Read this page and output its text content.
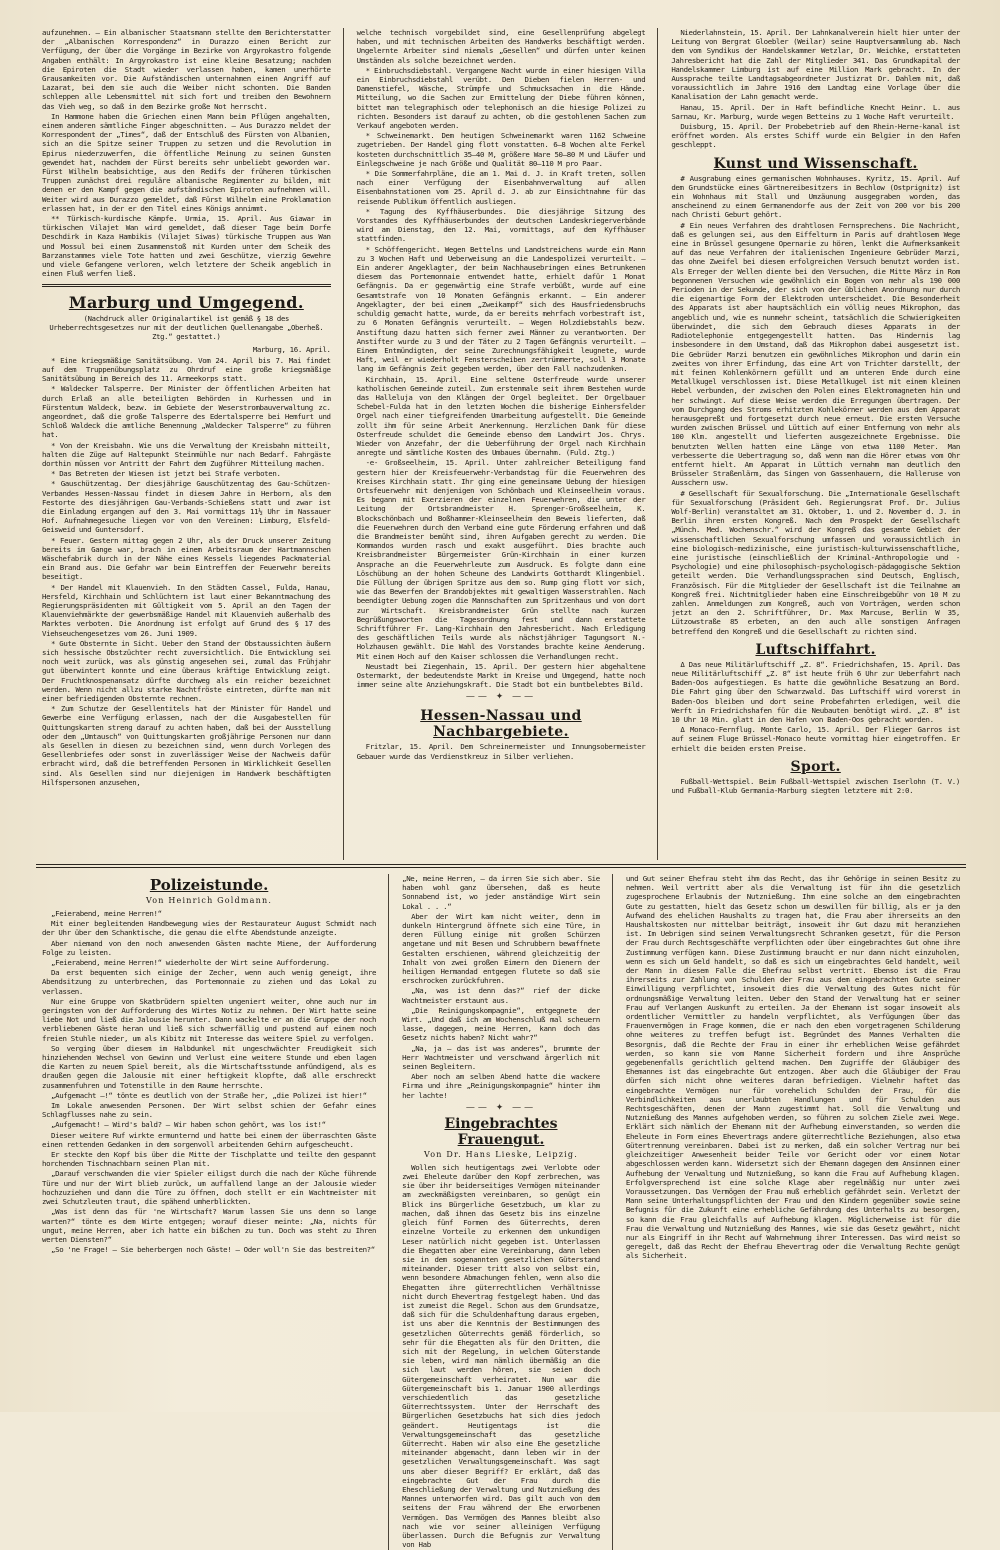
aufzunehmen. – Ein albanischer Staatsmann stellte dem Berichterstatter der „Albanischen Korrespondenz“ in Durazzo einen Bericht zur Verfügung, der über die Vorgänge im Bezirke von Argyrokastro folgende Angaben enthält: In Argyrokastro ist eine kleine Besatzung; nachdem die Epiroten die Stadt wieder verlassen haben, kamen unerhörte Grausamkeiten vor. Die Aufständischen unternahmen einen Angriff auf Lazarat, bei dem sie auch die Weiber nicht schonten. Die Banden schleppen alle Lebensmittel mit sich fort und treiben den Bewohnern das Vieh weg, so daß in dem Bezirke große Not herrscht.

In Hammone haben die Griechen einen Mann beim Pflügen angehalten, einem anderen sämtliche Finger abgeschnitten. – Aus Durazzo meldet der Korrespondent der „Times“, daß der Entschluß des Fürsten von Albanien, sich an die Spitze seiner Truppen zu setzen und die Revolution im Epirus niederzuwerfen, die öffentliche Meinung zu seinen Gunsten gewendet hat, nachdem der Fürst bereits sehr unbeliebt geworden war. Fürst Wilhelm beabsichtige, aus den Redifs der früheren türkischen Truppen zunächst drei reguläre albanische Regimenter zu bilden, mit denen er den Kampf gegen die aufständischen Epiroten aufnehmen will. Weiter wird aus Durazzo gemeldet, daß Fürst Wilhelm eine Proklamation erlassen hat, in der er den Titel eines Königs annimmt.

** Türkisch-kurdische Kämpfe. Urmia, 15. April. Aus Giawar im türkischen Vilajet Wan wird gemeldet, daß dieser Tage beim Dorfe Deschdirk in Kaza Hambikis (Vilajet Siwas) türkische Truppen aus Wan und Mossul bei einem Zusammenstoß mit Kurden unter dem Scheik des Barzanstammes viele Tote hatten und zwei Geschütze, vierzig Gewehre und viele Gefangene verloren, welch letztere der Scheik angeblich in einen Fluß werfen ließ.

Marburg und Umgegend.
(Nachdruck aller Originalartikel ist gemäß § 18 des Urheberrechtsgesetzes nur mit der deutlichen Quellenangabe „Oberheß. Ztg.“ gestattet.)

Marburg, 16. April.

* Eine kriegsmäßige Sanitätsübung. Vom 24. April bis 7. Mai findet auf dem Truppenübungsplatz zu Ohrdruf eine große kriegsmäßige Sanitätsübung im Bereich des 11. Armeekorps statt.

* Waldecker Talsperre. Der Minister der öffentlichen Arbeiten hat durch Erlaß an alle beteiligten Behörden in Kurhessen und im Fürstentum Waldeck, bezw. im Gebiete der Weserstrombauverwaltung zc. angeordnet, daß die große Talsperre des Edertalsperre bei Hemfurt und Schloß Waldeck die amtliche Benennung „Waldecker Talsperre“ zu führen hat.

* Von der Kreisbahn. Wie uns die Verwaltung der Kreisbahn mitteilt, halten die Züge auf Haltepunkt Steinmühle nur nach Bedarf. Fahrgäste dorthin müssen vor Antritt der Fahrt dem Zugführer Mitteilung machen.

* Das Betreten der Wiesen ist jetzt bei Strafe verboten.

* Gauschützentag. Der diesjährige Gauschützentag des Gau-Schützen-Verbandes Hessen-Nassau findet in diesem Jahre in Herborn, als dem Festorte des diesjährigen Gau-Verbands-Schießens statt und zwar ist die Einladung ergangen auf den 3. Mai vormittags 11½ Uhr im Nassauer Hof. Aufnahmegesuche liegen vor von den Vereinen: Limburg, Elsfeld-Geisweid und Guntersdorf.

* Feuer. Gestern mittag gegen 2 Uhr, als der Druck unserer Zeitung bereits im Gange war, brach in einem Arbeitsraum der Hartmannschen Wäschefabrik durch in der Nähe eines Kessels liegendes Packmaterial ein Brand aus. Die Gefahr war beim Eintreffen der Feuerwehr bereits beseitigt.

* Der Handel mit Klauenvieh. In den Städten Cassel, Fulda, Hanau, Hersfeld, Kirchhain und Schlüchtern ist laut einer Bekanntmachung des Regierungspräsidenten mit Gültigkeit vom 5. April an den Tagen der Klauenviehmärkte der gewerbsmäßige Handel mit Klauenvieh außerhalb des Marktes verboten. Die Anordnung ist erfolgt auf Grund des § 17 des Viehseuchengesetzes vom 26. Juni 1909.

* Gute Obsternte in Sicht. Ueber den Stand der Obstaussichten äußern sich hessische Obstzüchter recht zuversichtlich. Die Entwicklung sei noch weit zurück, was als günstig angesehen sei, zumal das Frühjahr gut überwintert konnte und eine überaus kräftige Entwicklung zeigt. Der Fruchtknospenansatz dürfte durchweg als ein reicher bezeichnet werden. Wenn nicht allzu starke Nachtfröste eintreten, dürfte man mit einer befriedigenden Obsternte rechnen.

* Zum Schutze der Gesellentitels hat der Minister für Handel und Gewerbe eine Verfügung erlassen, nach der die Ausgabestellen für Quittungskarten streng darauf zu achten haben, daß bei der Ausstellung oder dem „Umtausch“ von Quittungskarten großjährige Personen nur dann als Gesellen in diesen zu bezeichnen sind, wenn durch Vorlegen des Gesellenbriefes oder sonst in zuverlässiger Weise der Nachweis dafür erbracht wird, daß die betreffenden Personen in Wirklichkeit Gesellen sind. Als Gesellen sind nur diejenigen im Handwerk beschäftigten Hilfspersonen anzusehen,

welche technisch vorgebildet sind, eine Gesellenprüfung abgelegt haben, und mit technischen Arbeiten des Handwerks beschäftigt werden. Ungelernte Arbeiter sind niemals „Gesellen“ und dürfen unter keinen Umständen als solche bezeichnet werden.

* Einbruchsdiebstahl. Vergangene Nacht wurde in einer hiesigen Villa ein Einbruchsdiebstahl verübt. Den Dieben fielen Herren- und Damenstiefel, Wäsche, Strümpfe und Schmucksachen in die Hände. Mitteilung, wo die Sachen zur Ermittelung der Diebe führen können, bittet man telegraphisch oder telephonisch an die hiesige Polizei zu richten. Besonders ist darauf zu achten, ob die gestohlenen Sachen zum Verkauf angeboten werden.

* Schweinemarkt. Dem heutigen Schweinemarkt waren 1162 Schweine zugetrieben. Der Handel ging flott vonstatten. 6–8 Wochen alte Ferkel kosteten durchschnittlich 35–40 M, größere Ware 50–80 M und Läufer und Einlegschweine je nach Größe und Qualität 80–110 M pro Paar.

* Die Sommerfahrpläne, die am 1. Mai d. J. in Kraft treten, sollen nach einer Verfügung der Eisenbahnverwaltung auf allen Eisenbahnstationen vom 25. April d. J. ab zur Einsichtnahme für das reisende Publikum öffentlich ausliegen.

* Tagung des Kyffhäuserbundes. Die diesjährige Sitzung des Vorstandes des Kyffhäuserbundes der deutschen Landeskriegerverbände wird am Dienstag, den 12. Mai, vormittags, auf dem Kyffhäuser stattfinden.

* Schöffengericht. Wegen Bettelns und Landstreichens wurde ein Mann zu 3 Wochen Haft und Ueberweisung an die Landespolizei verurteilt. – Ein anderer Angeklagter, der beim Nachhausebringen eines Betrunkenen diesem das Portemonnaie entwendet hatte, erhielt dafür 1 Monat Gefängnis. Da er gegenwärtig eine Strafe verbüßt, wurde auf eine Gesamtstrafe von 10 Monaten Gefängnis erkannt. – Ein anderer Angeklagter, der bei einem „Zweikampf“ sich des Hausfriedensbruchs schuldig gemacht hatte, wurde, da er bereits mehrfach vorbestraft ist, zu 6 Monaten Gefängnis verurteilt. – Wegen Holzdiebstahls bezw. Anstiftung dazu hatten sich ferner zwei Männer zu verantworten. Der Anstifter wurde zu 3 und der Täter zu 2 Tagen Gefängnis verurteilt. – Einem Entmündigten, der seine Zurechnungsfähigkeit leugnete, wurde Haft, weil er wiederholt Fensterscheiben zertrümmerte, soll 3 Monate lang im Gefängnis Zeit gegeben werden, über den Fall nachzudenken.

Kirchhain, 15. April. Eine seltene Osterfreude wurde unserer katholischen Gemeinde zuteil. Zum erstenmale seit ihrem Bestehen wurde das Halleluja von den Klängen der Orgel begleitet. Der Orgelbauer Schebel-Fulda hat in den letzten Wochen die bisherige Einhersfelder Orgel nach einer tiefgreifenden Umarbeitung aufgestellt. Die Gemeinde zollt ihm für seine Arbeit Anerkennung. Herzlichen Dank für diese Osterfreude schuldet die Gemeinde ebenso dem Landwirt Jos. Chrys. Wieder von Anzefahr, der die Ueberführung der Orgel nach Kirchhain anregte und sämtliche Kosten des Umbaues übernahm. (Fuld. Ztg.)

-e- Großseelheim, 15. April. Unter zahlreicher Beteiligung fand gestern hier der Kreisfeuerwehr-Verbandstag für die Feuerwehren des Kreises Kirchhain statt. Ihr ging eine gemeinsame Uebung der hiesigen Ortsfeuerwehr mit denjenigen von Schönbach und Kleinseelheim voraus. Es begann mit Exerzieren der einzelnen Feuerwehren, die unter der Leitung der Ortsbrandmeister H. Sprenger-Großseelheim, K. Blockschönbach und Boßhammer-Kleinseelheim den Beweis lieferten, daß die Feuerwehren durch den Verband eine gute Förderung erfahren und daß die Brandmeister bemüht sind, ihren Aufgaben gerecht zu werden. Die Kommandos wurden rasch und exakt ausgeführt. Dies brachte auch Kreisbrandmeister Bürgermeister Grün-Kirchhain in einer kurzen Ansprache an die Feuerwehrleute zum Ausdruck. Es folgte dann eine Löschübung an der hohen Scheune des Landwirts Gotthardt Klingenbiel. Die Füllung der übrigen Spritze aus dem so. Rump ging flott vor sich, wie das Bewerfen der Brandobjektes mit gewaltigen Wasserstrahlen. Nach beendigter Uebung zogen die Mannschaften zum Spritzenhaus und von dort zur Wirtschaft. Kreisbrandmeister Grün stellte nach kurzen Begrüßungsworten die Tagesordnung fest und dann erstattete Schriftführer Fr. Lang-Kirchhain den Jahresbericht. Nach Erledigung des geschäftlichen Teils wurde als nächstjähriger Tagungsort N.-Holzhausen gewählt. Die Wahl des Vorstandes brachte keine Aenderung. Mit einem Hoch auf den Kaiser schlossen die Verhandlungen recht.

Neustadt bei Ziegenhain, 15. April. Der gestern hier abgehaltene Ostermarkt, der bedeutendste Markt im Kreise und Umgegend, hatte noch immer seine alte Anziehungskraft. Die Stadt bot ein buntbelebtes Bild.

—— ✦ ——
Hessen-Nassau und Nachbargebiete.

Fritzlar, 15. April. Dem Schreinermeister und Innungsobermeister Gebauer wurde das Verdienstkreuz in Silber verliehen.

Niederlahnstein, 15. April. Der Lahnkanalverein hielt hier unter der Leitung von Bergrat Gloebler (Weilar) seine Hauptversammlung ab. Nach dem vom Syndikus der Handelskammer Wetzlar, Dr. Weichke, erstatteten Jahresbericht hat die Zahl der Mitglieder 341. Das Grundkapital der Handelskammer Limburg ist auf eine Million Mark gebracht. In der Aussprache teilte Landtagsabgeordneter Justizrat Dr. Dahlem mit, daß voraussichtlich im Jahre 1916 dem Landtag eine Vorlage über die Kanalisation der Lahn gemacht werde.

Hanau, 15. April. Der in Haft befindliche Knecht Heinr. L. aus Sarnau, Kr. Marburg, wurde wegen Betteins zu 1 Woche Haft verurteilt.

Duisburg, 15. April. Der Probebetrieb auf dem Rhein-Herne-kanal ist eröffnet worden. Als erstes Schiff wurde ein Belgier in den Hafen geschleppt.

Kunst und Wissenschaft.

# Ausgrabung eines germanischen Wohnhauses. Kyritz, 15. April. Auf dem Grundstücke eines Gärtnereibesitzers in Bechlow (Ostprignitz) ist ein Wohnhaus mit Stall und Umzäunung ausgegraben worden, das anscheinend zu einem Germanendorfe aus der Zeit von 200 vor bis 200 nach Christi Geburt gehört.

# Ein neues Verfahren des drahtlosen Fernsprechens. Die Nachricht, daß es gelungen sei, aus dem Eiffelturm in Paris auf drahtlosem Wege eine in Brüssel gesungene Opernarie zu hören, lenkt die Aufmerksamkeit auf das neue Verfahren der italienischen Ingenieure Gebrüder Marzi, das ohne Zweifel bei diesem erfolgreichen Versuch benutzt worden ist. Als Erreger der Wellen diente bei den Versuchen, die Mitte März in Rom begonnenen Versuchen wie gewöhnlich ein Bogen von mehr als 190 000 Perioden in der Sekunde, der sich von der üblichen Anordnung nur durch die eigenartige Form der Elektroden unterscheidet. Die Besonderheit des Apparats ist aber hauptsächlich ein völlig neues Mikrophon, das angeblich und, wie es nunmehr scheint, tatsächlich die Schwierigkeiten überwindet, die sich dem Gebrauch dieses Apparats in der Radiotelephonie entgegengestellt hatten. Das Hindernis lag insbesondere in dem Umstand, daß das Mikrophon dabei ausgesetzt ist. Die Gebrüder Marzi benutzen ein gewöhnliches Mikrophon und darin ein zweites von ihrer Erfindung, das eine Art von Trichter darstellt, der mit feinen Kohlenkörnern gefüllt und am unteren Ende durch eine Metallkugel verschlossen ist. Diese Metallkugel ist mit einem kleinen Hebel verbunden, der zwischen den Polen eines Elektromagneten hin und her schwingt. Auf diese Weise werden die Erregungen übertragen. Der vom Durchgang des Stroms erhitzten Kohlekörner werden aus dem Apparat herausgepreßt und fortgesetzt durch neue erneut. Die ersten Versuche wurden zwischen Brüssel und Lüttich auf einer Entfernung von mehr als 100 Klm. angestellt und lieferten ausgezeichnete Ergebnisse. Die benutzten Wellen hatten eine Länge von etwa 1100 Meter. Man verbesserte die Uebertragung so, daß wenn man die Hörer etwas vom Ohr entfernt hielt. Am Apparat in Lüttich vernahm man deutlich den Brüsseler Straßenlärm, das Singen von Gassenhauern, die Halleruse von Ausschern usw.

# Gesellschaft für Sexualforschung. Die „Internationale Gesellschaft für Sexualforschung (Präsident Geh. Regierungsrat Prof. Dr. Julius Wolf-Berlin) veranstaltet am 31. Oktober, 1. und 2. November d. J. in Berlin ihren ersten Kongreß. Nach dem Prospekt der Gesellschaft „Münch. Med. Wochenschr.“ wird der Kongreß das gesamte Gebiet der wissenschaftlichen Sexualforschung umfassen und voraussichtlich in eine biologisch-medizinische, eine juristisch-kulturwissenschaftliche, eine juristische (einschließlich der Kriminal-Anthropologie und -Psychologie) und eine philosophisch-psychologisch-pädagogische Sektion geteilt werden. Die Verhandlungssprachen sind Deutsch, Englisch, Französisch. Für die Mitglieder der Gesellschaft ist die Teilnahme am Kongreß frei. Nichtmitglieder haben eine Einschreibgebühr von 10 M zu zahlen. Anmeldungen zum Kongreß, auch von Vorträgen, werden schon jetzt an den 2. Schriftführer, Dr. Max Marcuse, Berlin W 35, Lützowstraße 85 erbeten, an den auch alle sonstigen Anfragen betreffend den Kongreß und die Gesellschaft zu richten sind.

Luftschiffahrt.

Δ Das neue Militärluftschiff „Z. 8“. Friedrichshafen, 15. April. Das neue Militärluftschiff „Z. 8“ ist heute früh 6 Uhr zur Ueberfahrt nach Baden-Oos aufgestiegen. Es hatte die gewöhnliche Besatzung an Bord. Die Fahrt ging über den Schwarzwald. Das Luftschiff wird vorerst in Baden-Oos bleiben und dort seine Probefahrten erledigen, weil die Werft in Friedrichshafen für die Neubauten benötigt wird. „Z. 8“ ist 10 Uhr 10 Min. glatt in den Hafen von Baden-Oos gebracht worden.

Δ Monaco-Fernflug. Monte Carlo, 15. April. Der Flieger Garros ist auf seinem Fluge Brüssel-Monaco heute vormittag hier eingetroffen. Er erhielt die beiden ersten Preise.

Sport.

Fußball-Wettspiel. Beim Fußball-Wettspiel zwischen Iserlohn (T. V.) und Fußball-Klub Germania-Marburg siegten letztere mit 2:0.

Polizeistunde.
Von Heinrich Goldmann.

„Feierabend, meine Herren!“

Mit einer begleitenden Handbewegung wies der Restaurateur August Schmidt nach der Uhr über dem Schanktische, die genau die elfte Abendstunde anzeigte.

Aber niemand von den noch anwesenden Gästen machte Miene, der Aufforderung Folge zu leisten.

„Feierabend, meine Herren!“ wiederholte der Wirt seine Aufforderung.

Da erst bequemten sich einige der Zecher, wenn auch wenig geneigt, ihre Abendsitzung zu unterbrechen, das Portemonnaie zu ziehen und das Lokal zu verlassen.

Nur eine Gruppe von Skatbrüdern spielten ungeniert weiter, ohne auch nur im geringsten von der Aufforderung des Wirtes Notiz zu nehmen. Der Wirt hatte seine liebe Not und ließ die Jalousie herunter. Dann wackelte er an die Gruppe der noch verbliebenen Gäste heran und ließ sich schwerfällig und pustend auf einem noch freien Stuhle nieder, um als Kibitz mit Interesse das weitere Spiel zu verfolgen.

So verging über diesem im Halbdunkel mit ungeschwächter Freudigkeit sich hinziehenden Wechsel von Gewinn und Verlust eine weitere Stunde und eben lagen die Karten zu neuem Spiel bereit, als die Wirtschaftsstunde anfündigend, als es draußen gegen die Jalousie mit einer heftigkeit klopfte, daß alle erschreckt zusammenfuhren und Totenstille in dem Raume herrschte.

„Aufgemacht –!“ tönte es deutlich von der Straße her, „die Polizei ist hier!“

Im Lokale anwesenden Personen. Der Wirt selbst schien der Gefahr eines Schlagflusses nahe zu sein.

„Aufgemacht! – Wird's bald? – Wir haben schon gehört, was los ist!“

Dieser weitere Ruf wirkte ermunternd und hatte bei einem der überraschten Gäste einen rettenden Gedanken in dem sorgenvoll arbeitenden Gehirn aufgescheucht.

Er steckte den Kopf bis über die Mitte der Tischplatte und teilte den gespannt horchenden Tischnachbarn seinen Plan mit.

„Darauf verschwanden die vier Spieler eiligst durch die nach der Küche führende Türe und nur der Wirt blieb zurück, um auffallend lange an der Jalousie wieder hochzuziehen und dann die Türe zu öffnen, doch stellt er ein Wachtmeister mit zwei Schutzleuten traut, die spähend umherblickten.

„Was ist denn das für 'ne Wirtschaft? Warum lassen Sie uns denn so lange warten?“ tönte es dem Wirte entgegen; worauf dieser meinte: „Na, nichts für ungut, meine Herren, aber ich hatte ein bißchen zu tun. Doch was steht zu Ihren werten Diensten?“

„So 'ne Frage! – Sie beherbergen noch Gäste! – Oder woll'n Sie das bestreiten?“

„Ne, meine Herren, – da irren Sie sich aber. Sie haben wohl ganz übersehen, daß es heute Sonnabend ist, wo jeder anständige Wirt sein Lokal . . .“

Aber der Wirt kam nicht weiter, denn im dunkeln Hintergrund öffnete sich eine Türe, in deren Füllung einige mit großen Schürzen angetane und mit Besen und Schrubbern bewaffnete Gestalten erschienen, während gleichzeitig der Inhalt von zwei großen Eimern den Dienern der heiligen Hermandad entgegen flutete so daß sie erschrocken zurückfuhren.

„Na, was ist denn das?“ rief der dicke Wachtmeister erstaunt aus.

„Die Reinigungskompagnie“, entgegnete der Wirt. „Und daß ich am Wochenschluß mal scheuern lasse, dagegen, meine Herren, kann doch das Gesetz nichts haben? Nicht wahr?“

„Na, ja – das ist was anderes“, brummte der Herr Wachtmeister und verschwand ärgerlich mit seinen Begleitern.

Aber noch am selben Abend hatte die wackere Firma und ihre „Reinigungskompagnie“ hinter ihm her lachte!

—— ✦ ——
Eingebrachtes Frauengut.
Von Dr. Hans Lieske, Leipzig.

Wollen sich heutigentags zwei Verlobte oder zwei Eheleute darüber den Kopf zerbrechen, was sie über ihr beiderseitiges Vermögen miteinander am zweckmäßigsten vereinbaren, so genügt ein Blick ins Bürgerliche Gesetzbuch, um klar zu machen, daß ihnen das Gesetz bis ins einzelne gleich fünf Formen des Güterrechts, deren einzelne Vorteile zu erkennen dem unkundigen Leser natürlich nicht gegeben ist. Unterlassen die Ehegatten aber eine Vereinbarung, dann leben sie in dem sogenannten gesetzlichen Güterstand miteinander. Dieser tritt also von selbst ein, wenn besondere Abmachungen fehlen, wenn also die Ehegatten ihre güterrechtlichen Verhältnisse nicht durch Ehevertrag festgelegt haben. Und das ist zumeist die Regel. Schon aus dem Grundsatze, daß sich für die Schuldenhaftung daraus ergeben, ist uns aber die Kenntnis der Bestimmungen des gesetzlichen Güterrechts gemäß förderlich, so sehr für die Ehegatten als für den Dritten, die sich mit der Regelung, in welchem Güterstande sie leben, wird man nämlich übermäßig an die sich laut werden hören, sie seien doch Gütergemeinschaft verheiratet. Nun war die Gütergemeinschaft bis 1. Januar 1900 allerdings verschiedentlich das gesetzliche Güterrechtssystem. Unter der Herrschaft des Bürgerlichen Gesetzbuchs hat sich dies jedoch geändert. Heutigentags ist die Verwaltungsgemeinschaft das gesetzliche Güterrecht. Haben wir also eine Ehe gesetzliche miteinander abgemacht, dann leben wir in der gesetzlichen Verwaltungsgemeinschaft. Was sagt uns aber dieser Begriff? Er erklärt, daß das eingebrachte Gut der Frau durch die Eheschließung der Verwaltung und Nutznießung des Mannes unterworfen wird. Das gilt auch von dem seitens der Frau während der Ehe erworbenen Vermögen. Das Vermögen des Mannes bleibt also nach wie vor seiner alleinigen Verfügung überlassen. Durch die Befugnis zur Verwaltung von Hab

und Gut seiner Ehefrau steht ihm das Recht, das ihr Gehörige in seinen Besitz zu nehmen. Weil vertritt aber als die Verwaltung ist für ihn die gesetzlich zugesprochene Erlaubnis der Nutznießung. Ihm eine solche an dem eingebrachten Gute zu gestatten, hielt das Gesetz schon um deswillen für billig, als er ja den Aufwand des ehelichen Haushalts zu tragen hat, die Frau aber ihrerseits an den Haushaltskosten nur mittelbar beiträgt, insoweit ihr Gut dazu mit heranziehen ist. Im Uebrigen sind seinem Verwaltungsrecht Schranken gesetzt, für die Person der Frau durch Rechtsgeschäfte verpflichten oder über eingebrachtes Gut ohne ihre Zustimmung verfügen kann. Diese Zustimmung braucht er nur dann nicht einzuholen, wenn es sich um Geld handelt, so daß es sich um eingebrachtes Geld handelt, weil der Mann in diesem Falle die Ehefrau selbst vertritt. Ebenso ist die Frau ihrerseits zur Zahlung von Schulden der Frau aus dem eingebrachten Gute seiner Einwilligung verpflichtet, insoweit dies die Verwaltung des Gutes nicht für ordnungsmäßige Verwaltung leiten. Ueber den Stand der Verwaltung hat er seiner Frau auf Verlangen Auskunft zu erteilen. Ja der Ehemann ist sogar insoweit als ordentlicher Vermittler zu handeln verpflichtet, als Verfügungen über das Frauenvermögen in Frage kommen, die er nach den eben vorgetragenen Schilderung ohne weiteres zu treffen befugt ist. Begründet des Mannes Verhalten die Besorgnis, daß die Rechte der Frau in einer ihr erheblichen Weise gefährdet werden, so kann sie vom Manne Sicherheit fordern und ihre Ansprüche gegebenenfalls gerichtlich geltend machen. Dem Zugriffe der Gläubiger des Ehemannes ist das eingebrachte Gut entzogen. Aber auch die Gläubiger der Frau dürfen sich nicht ohne weiteres daran befriedigen. Vielmehr haftet das eingebrachte Vermögen nur für vorehelich Schulden der Frau, für die Verbindlichkeiten aus unerlaubten Handlungen und für Schulden aus Rechtsgeschäften, denen der Mann zugestimmt hat. Soll die Verwaltung und Nutznießung des Mannes aufgehoben werden, so führen zu solchem Ziele zwei Wege. Erklärt sich nämlich der Ehemann mit der Aufhebung einverstanden, so werden die Eheleute in Form eines Ehevertrags andere güterrechtliche Beziehungen, also etwa Gütertrennung vereinbaren. Dabei ist zu merken, daß ein solcher Vertrag nur bei gleichzeitiger Anwesenheit beider Teile vor Gericht oder vor einem Notar abgeschlossen werden kann. Widersetzt sich der Ehemann dagegen dem Ansinnen einer Aufhebung der Verwaltung und Nutznießung, so kann die Frau auf Aufhebung klagen. Erfolgversprechend ist eine solche Klage aber regelmäßig nur unter zwei Voraussetzungen. Das Vermögen der Frau muß erheblich gefährdet sein. Verletzt der Mann seine Unterhaltungspflichten der Frau und den Kindern gegenüber sowie seine Befugnis für die Zukunft eine erhebliche Gefährdung des Unterhalts zu besorgen, so kann die Frau gleichfalls auf Aufhebung klagen. Möglicherweise ist für die Frau die Verwaltung und Nutznießung des Mannes, wie sie das Gesetz gewährt, nicht nur als Eingriff in ihr Recht auf Wahrnehmung ihrer Interessen. Das wird meist so geregelt, daß das Recht der Ehefrau Ehevertrag oder die Verwaltung Rechte genügt als Sicherheit.
